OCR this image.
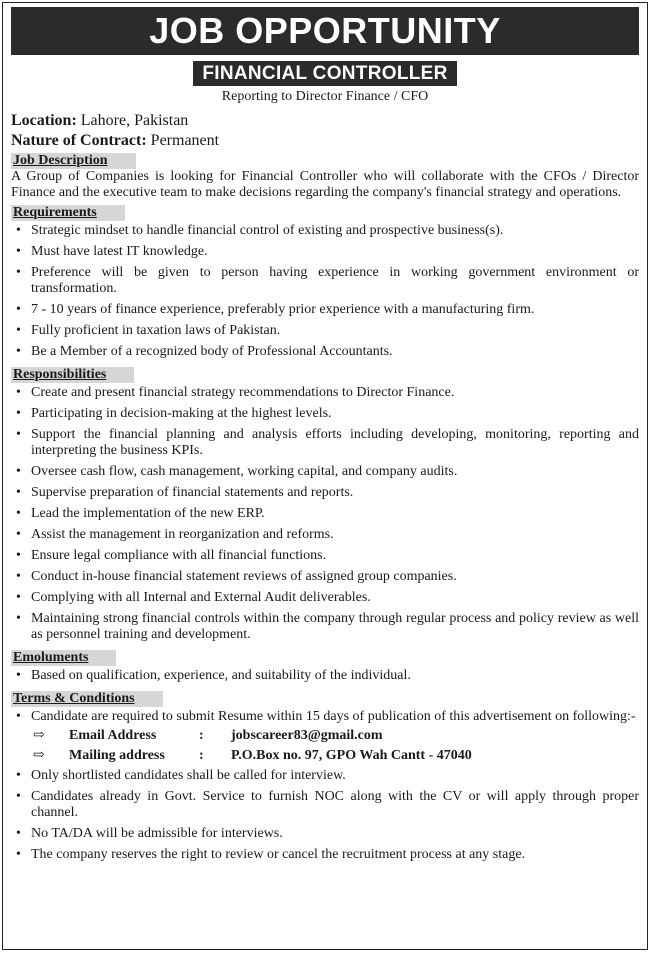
JOB OPPORTUNITY
FINANCIAL CONTROLLER
Reporting to Director Finance / CFO
Location: Lahore, Pakistan
Nature of Contract: Permanent
Job Description

A Group of Companies is looking for Financial Controller who will collaborate with the CFOs / Director Finance and the executive team to make decisions regarding the company's financial strategy and operations.

Requirements
• Strategic mindset to handle financial control of existing and prospective business(s).
• Must have latest IT knowledge.
• Preference will be given to person having experience in working government environment or transformation.
• 7 - 10 years of finance experience, preferably prior experience with a manufacturing firm.
• Fully proficient in taxation laws of Pakistan.
• Be a Member of a recognized body of Professional Accountants.
Responsibilities
• Create and present financial strategy recommendations to Director Finance.
• Participating in decision-making at the highest levels.
• Support the financial planning and analysis efforts including developing, monitoring, reporting and interpreting the business KPIs.
• Oversee cash flow, cash management, working capital, and company audits.
• Supervise preparation of financial statements and reports.
• Lead the implementation of the new ERP.
• Assist the management in reorganization and reforms.
• Ensure legal compliance with all financial functions.
• Conduct in-house financial statement reviews of assigned group companies.
• Complying with all Internal and External Audit deliverables.
• Maintaining strong financial controls within the company through regular process and policy review as well as personnel training and development.
Emoluments
• Based on qualification, experience, and suitability of the individual.
Terms & Conditions
• Candidate are required to submit Resume within 15 days of publication of this advertisement on following:-
⇨	Email Address	:	jobscareer83@gmail.com
⇨	Mailing address	:	P.O.Box no. 97, GPO Wah Cantt - 47040
• Only shortlisted candidates shall be called for interview.
• Candidates already in Govt. Service to furnish NOC along with the CV or will apply through proper channel.
• No TA/DA will be admissible for interviews.
• The company reserves the right to review or cancel the recruitment process at any stage.
